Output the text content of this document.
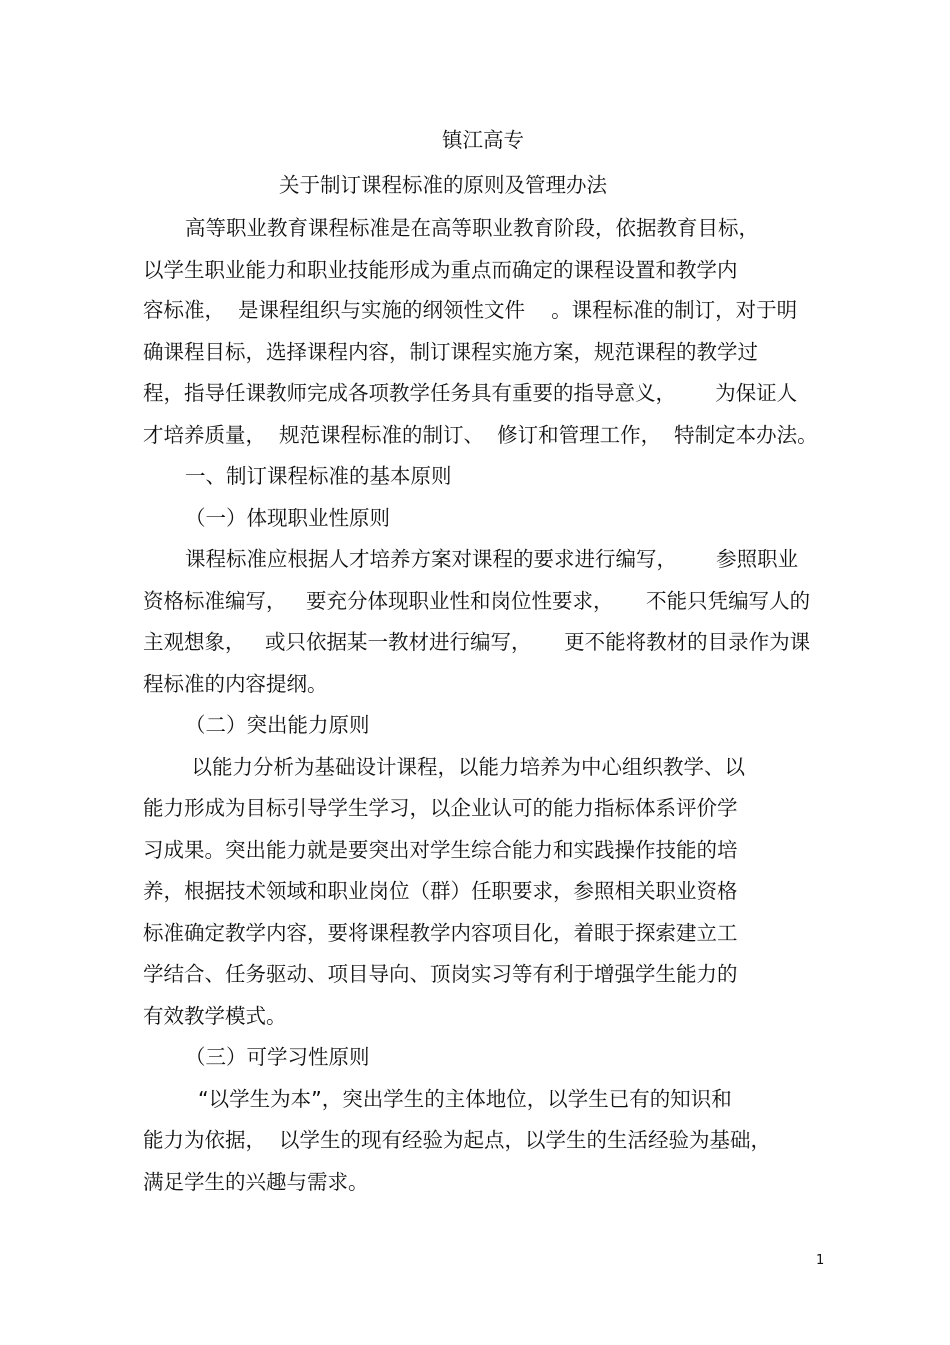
镇江高专
关于制订课程标准的原则及管理办法
高等职业教育课程标准是在高等职业教育阶段，依据教育目标，
以学生职业能力和职业技能形成为重点而确定的课程设置和教学内
容标准，  是课程组织与实施的纲领性文件    。课程标准的制订，对于明
确课程目标，选择课程内容，制订课程实施方案，规范课程的教学过
程，指导任课教师完成各项教学任务具有重要的指导意义，      为保证人
才培养质量，  规范课程标准的制订、  修订和管理工作，  特制定本办法。
一、制订课程标准的基本原则
（一）体现职业性原则
课程标准应根据人才培养方案对课程的要求进行编写，      参照职业
资格标准编写，   要充分体现职业性和岗位性要求，     不能只凭编写人的
主观想象，   或只依据某一教材进行编写，     更不能将教材的目录作为课
程标准的内容提纲。
（二）突出能力原则
以能力分析为基础设计课程，以能力培养为中心组织教学、以
能力形成为目标引导学生学习，以企业认可的能力指标体系评价学
习成果。突出能力就是要突出对学生综合能力和实践操作技能的培
养，根据技术领域和职业岗位（群）任职要求，参照相关职业资格
标准确定教学内容，要将课程教学内容项目化，着眼于探索建立工
学结合、任务驱动、项目导向、顶岗实习等有利于增强学生能力的
有效教学模式。
（三）可学习性原则
“以学生为本”，突出学生的主体地位，以学生已有的知识和
能力为依据，  以学生的现有经验为起点，以学生的生活经验为基础，
满足学生的兴趣与需求。
1
